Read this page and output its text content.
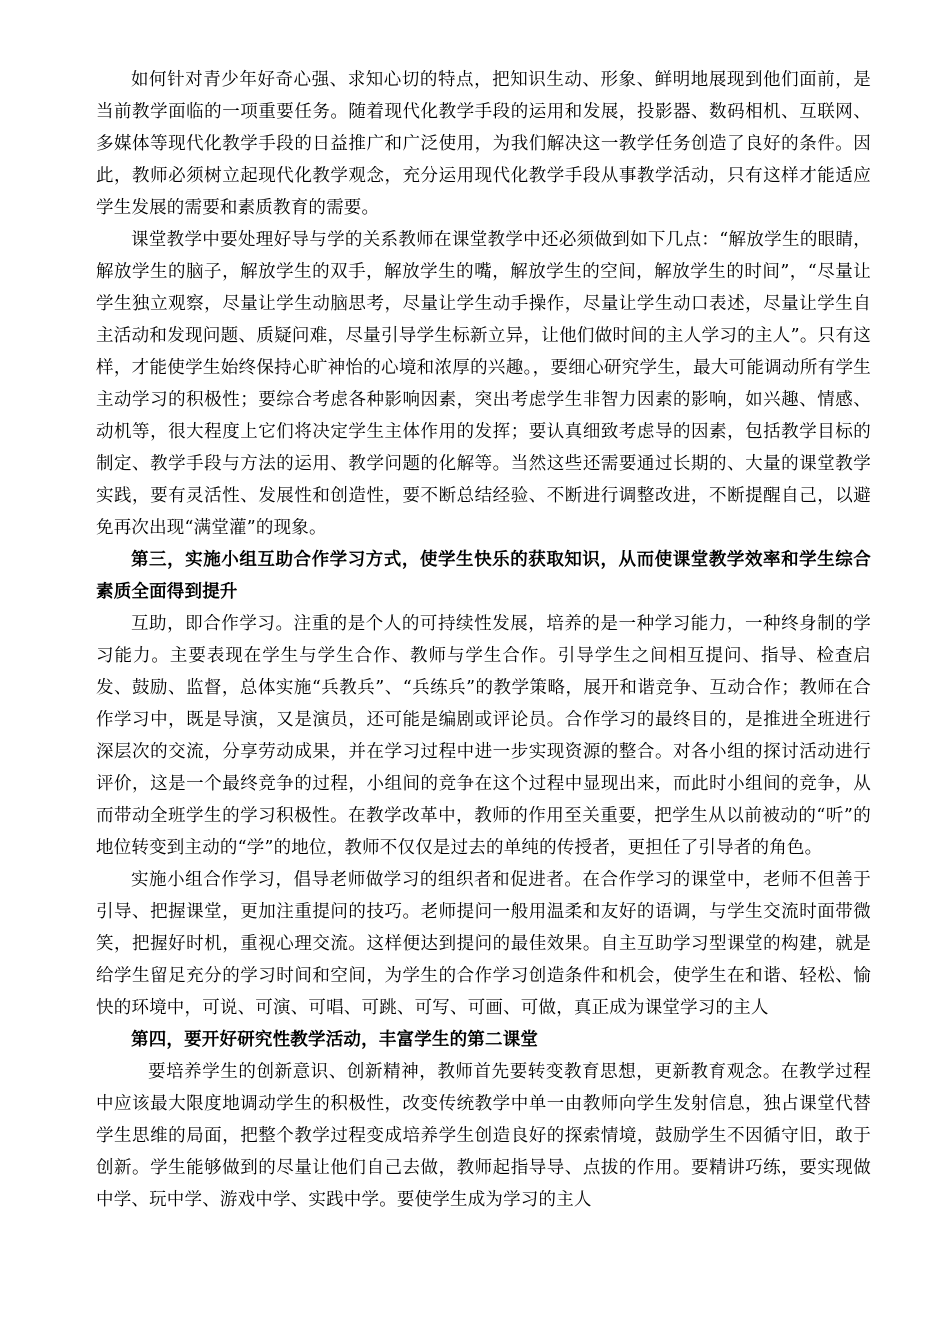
如何针对青少年好奇心强、求知心切的特点，把知识生动、形象、鲜明地展现到他们面前，是当前教学面临的一项重要任务。随着现代化教学手段的运用和发展，投影器、数码相机、互联网、多媒体等现代化教学手段的日益推广和广泛使用，为我们解决这一教学任务创造了良好的条件。因此，教师必须树立起现代化教学观念，充分运用现代化教学手段从事教学活动，只有这样才能适应学生发展的需要和素质教育的需要。

课堂教学中要处理好导与学的关系教师在课堂教学中还必须做到如下几点：“解放学生的眼睛，解放学生的脑子，解放学生的双手，解放学生的嘴，解放学生的空间，解放学生的时间”，“尽量让学生独立观察，尽量让学生动脑思考，尽量让学生动手操作，尽量让学生动口表述，尽量让学生自主活动和发现问题、质疑问难，尽量引导学生标新立异，让他们做时间的主人学习的主人”。只有这样，才能使学生始终保持心旷神怡的心境和浓厚的兴趣。，要细心研究学生，最大可能调动所有学生主动学习的积极性；要综合考虑各种影响因素，突出考虑学生非智力因素的影响，如兴趣、情感、动机等，很大程度上它们将决定学生主体作用的发挥；要认真细致考虑导的因素，包括教学目标的制定、教学手段与方法的运用、教学问题的化解等。当然这些还需要通过长期的、大量的课堂教学实践，要有灵活性、发展性和创造性，要不断总结经验、不断进行调整改进，不断提醒自己，以避免再次出现“满堂灌”的现象。

第三，实施小组互助合作学习方式，使学生快乐的获取知识，从而使课堂教学效率和学生综合素质全面得到提升

互助，即合作学习。注重的是个人的可持续性发展，培养的是一种学习能力，一种终身制的学习能力。主要表现在学生与学生合作、教师与学生合作。引导学生之间相互提问、指导、检查启发、鼓励、监督，总体实施“兵教兵”、“兵练兵”的教学策略，展开和谐竞争、互动合作；教师在合作学习中，既是导演，又是演员，还可能是编剧或评论员。合作学习的最终目的，是推进全班进行深层次的交流，分享劳动成果，并在学习过程中进一步实现资源的整合。对各小组的探讨活动进行评价，这是一个最终竞争的过程，小组间的竞争在这个过程中显现出来，而此时小组间的竞争，从而带动全班学生的学习积极性。在教学改革中，教师的作用至关重要，把学生从以前被动的“听”的地位转变到主动的“学”的地位，教师不仅仅是过去的单纯的传授者，更担任了引导者的角色。

实施小组合作学习，倡导老师做学习的组织者和促进者。在合作学习的课堂中，老师不但善于引导、把握课堂，更加注重提问的技巧。老师提问一般用温柔和友好的语调，与学生交流时面带微笑，把握好时机，重视心理交流。这样便达到提问的最佳效果。自主互助学习型课堂的构建，就是给学生留足充分的学习时间和空间，为学生的合作学习创造条件和机会，使学生在和谐、轻松、愉快的环境中，可说、可演、可唱、可跳、可写、可画、可做，真正成为课堂学习的主人

第四，要开好研究性教学活动，丰富学生的第二课堂

要培养学生的创新意识、创新精神，教师首先要转变教育思想，更新教育观念。在教学过程中应该最大限度地调动学生的积极性，改变传统教学中单一由教师向学生发射信息，独占课堂代替学生思维的局面，把整个教学过程变成培养学生创造良好的探索情境，鼓励学生不因循守旧，敢于创新。学生能够做到的尽量让他们自己去做，教师起指导导、点拔的作用。要精讲巧练，要实现做中学、玩中学、游戏中学、实践中学。要使学生成为学习的主人
